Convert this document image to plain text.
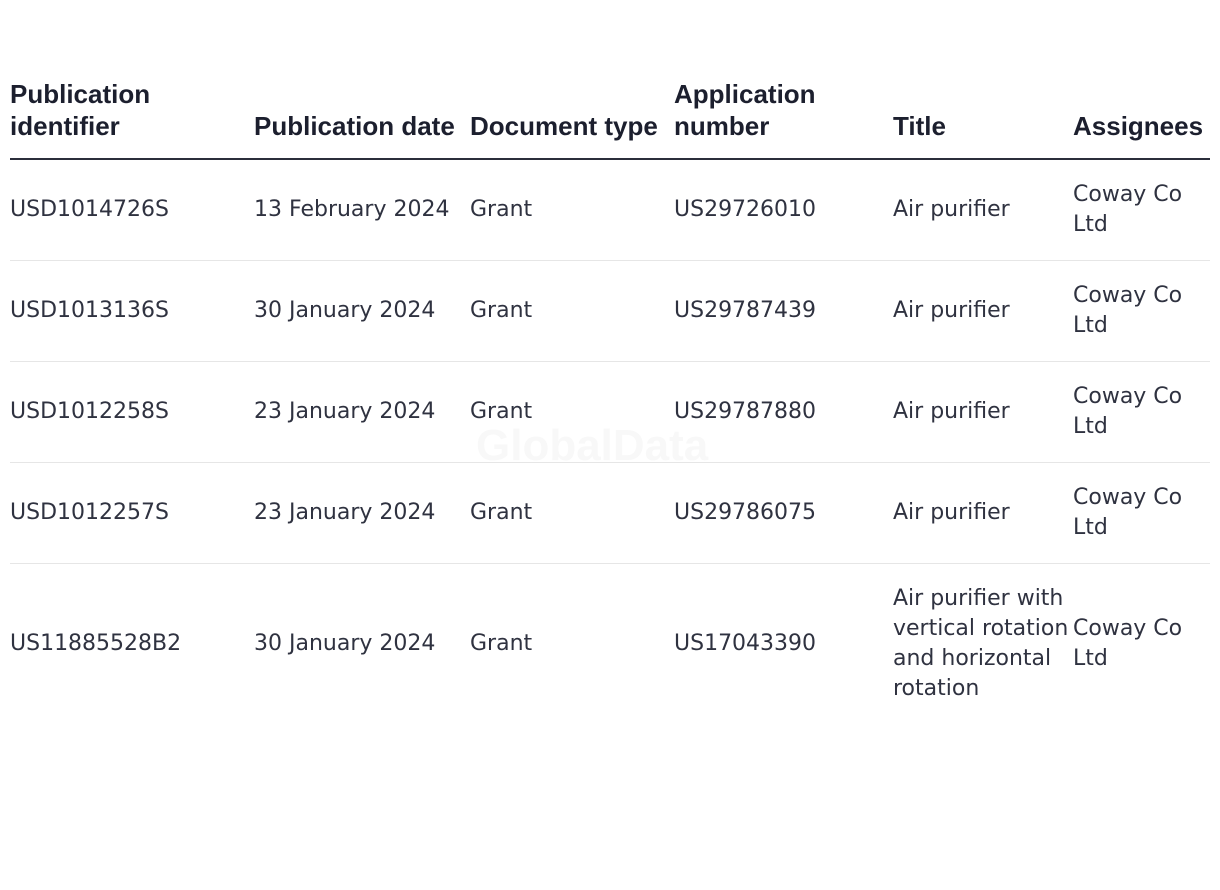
Publication identifier	Publication date	Document type	Application number	Title	Assignees
USD1014726S	13 February 2024	Grant	US29726010	Air purifier	Coway Co Ltd
USD1013136S	30 January 2024	Grant	US29787439	Air purifier	Coway Co Ltd
USD1012258S	23 January 2024	Grant	US29787880	Air purifier	Coway Co Ltd
USD1012257S	23 January 2024	Grant	US29786075	Air purifier	Coway Co Ltd
US11885528B2	30 January 2024	Grant	US17043390	Air purifier with vertical rotation and horizontal rotation	Coway Co Ltd
GlobalData
